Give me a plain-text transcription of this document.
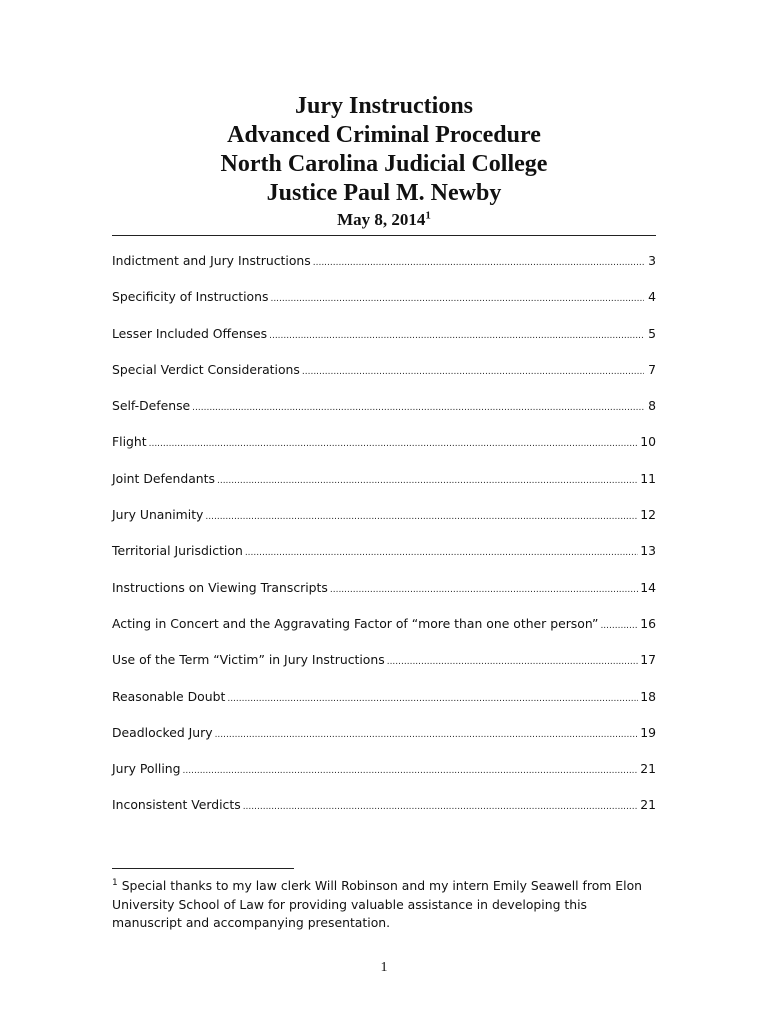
Jury Instructions
Advanced Criminal Procedure
North Carolina Judicial College
Justice Paul M. Newby
May 8, 2014$^1$
Indictment and Jury Instructions .....	3
Specificity of Instructions .....	4
Lesser Included Offenses .....	5
Special Verdict Considerations .....	7
Self-Defense .....	8
Flight .....	10
Joint Defendants .....	11
Jury Unanimity .....	12
Territorial Jurisdiction .....	13
Instructions on Viewing Transcripts .....	14
Acting in Concert and the Aggravating Factor of “more than one other person” .....	16
Use of the Term “Victim” in Jury Instructions .....	17
Reasonable Doubt .....	18
Deadlocked Jury .....	19
Jury Polling .....	21
Inconsistent Verdicts .....	21
$^1$ Special thanks to my law clerk Will Robinson and my intern Emily Seawell from Elon University School of Law for providing valuable assistance in developing this manuscript and accompanying presentation.
1
